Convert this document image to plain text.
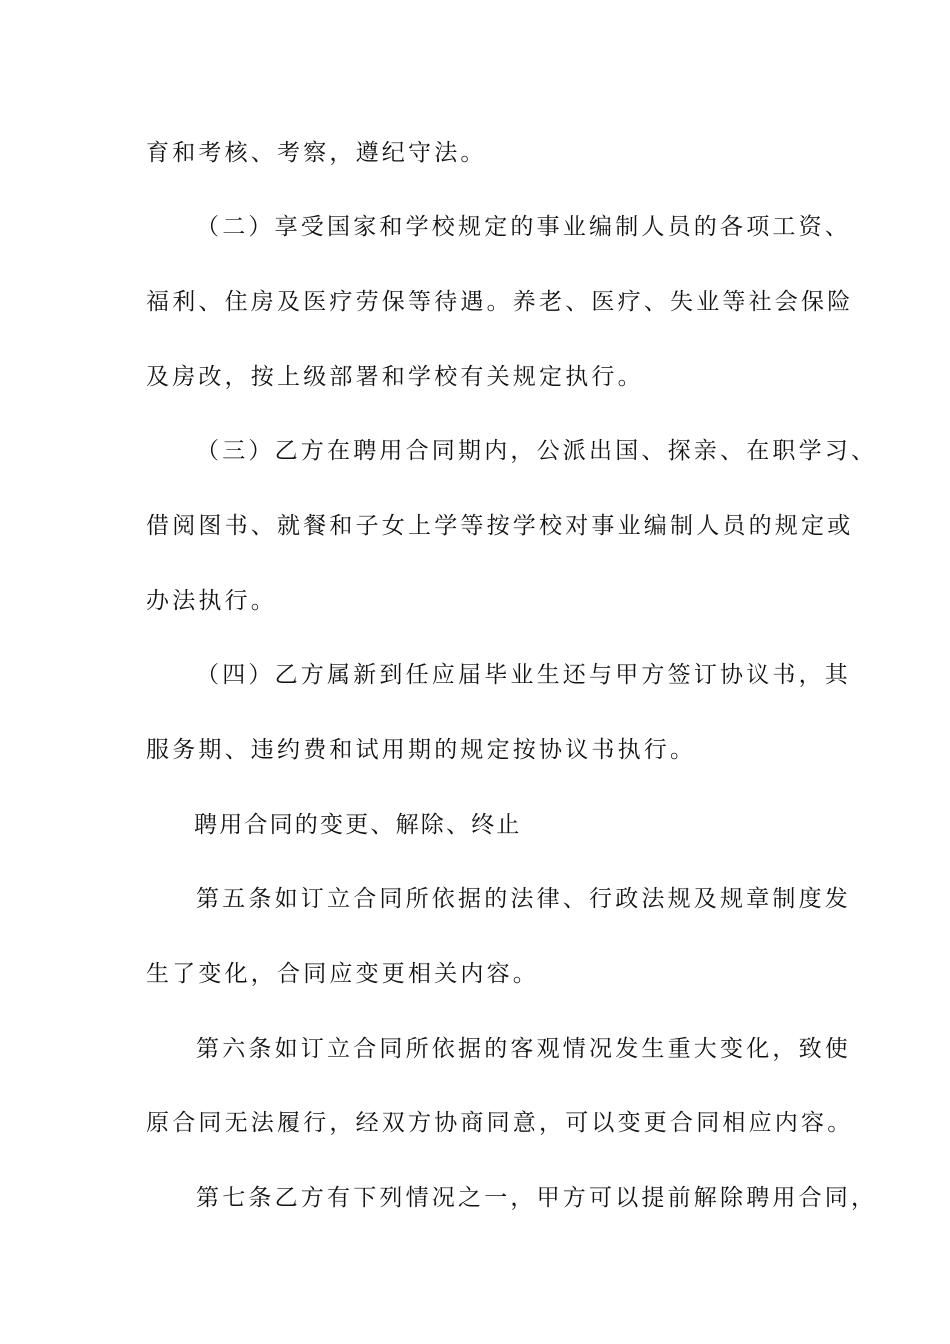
育和考核、考察，遵纪守法。
（二）享受国家和学校规定的事业编制人员的各项工资、
福利、住房及医疗劳保等待遇。养老、医疗、失业等社会保险
及房改，按上级部署和学校有关规定执行。
（三）乙方在聘用合同期内，公派出国、探亲、在职学习、
借阅图书、就餐和子女上学等按学校对事业编制人员的规定或
办法执行。
（四）乙方属新到任应届毕业生还与甲方签订协议书，其
服务期、违约费和试用期的规定按协议书执行。
聘用合同的变更、解除、终止
第五条如订立合同所依据的法律、行政法规及规章制度发
生了变化，合同应变更相关内容。
第六条如订立合同所依据的客观情况发生重大变化，致使
原合同无法履行，经双方协商同意，可以变更合同相应内容。
第七条乙方有下列情况之一，甲方可以提前解除聘用合同，
